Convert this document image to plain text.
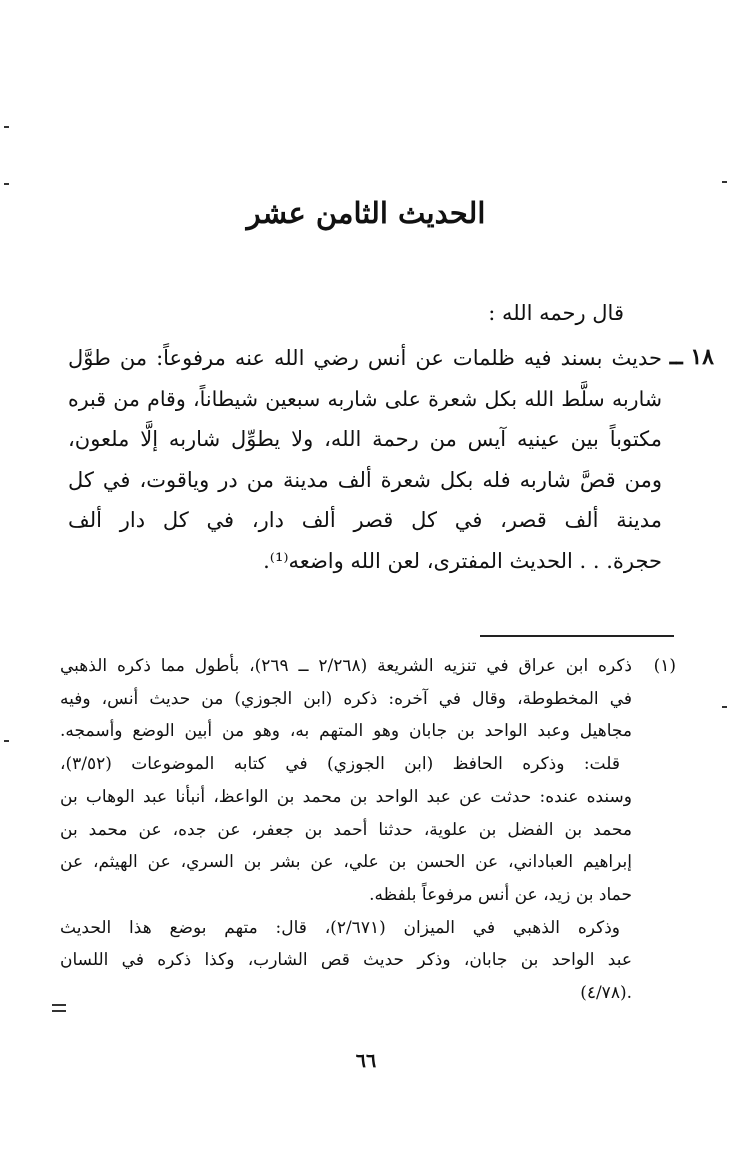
الحديث الثامن عشر
قال رحمه الله :
١٨ ــ
حديث بسند فيه ظلمات عن أنس رضي الله عنه مرفوعاً: من طوَّل
شاربه سلَّط الله بكل شعرة على شاربه سبعين شيطاناً، وقام من قبره
مكتوباً بين عينيه آيس من رحمة الله، ولا يطوِّل شاربه إلَّا ملعون،
ومن قصَّ شاربه فله بكل شعرة ألف مدينة من در وياقوت، في كل
مدينة ألف قصر، في كل قصر ألف دار، في كل دار ألف
حجرة. . . الحديث المفترى، لعن الله واضعه⁽¹⁾.
(١)
ذكره ابن عراق في تنزيه الشريعة (٢/٢٦٨ ــ ٢٦٩)، بأطول مما ذكره الذهبي
في المخطوطة، وقال في آخره: ذكره (ابن الجوزي) من حديث أنس، وفيه
مجاهيل وعبد الواحد بن جابان وهو المتهم به، وهو من أبين الوضع وأسمجه.
قلت: وذكره الحافظ (ابن الجوزي) في كتابه الموضوعات (٣/٥٢)،
وسنده عنده: حدثت عن عبد الواحد بن محمد بن الواعظ، أنبأنا عبد الوهاب بن
محمد بن الفضل بن علوية، حدثنا أحمد بن جعفر، عن جده، عن محمد بن
إبراهيم العباداني، عن الحسن بن علي، عن بشر بن السري، عن الهيثم، عن
حماد بن زيد، عن أنس مرفوعاً بلفظه.
وذكره الذهبي في الميزان (٢/٦٧١)، قال: متهم بوضع هذا الحديث
عبد الواحد بن جابان، وذكر حديث قص الشارب، وكذا ذكره في اللسان
.(٤/٧٨)
٦٦
